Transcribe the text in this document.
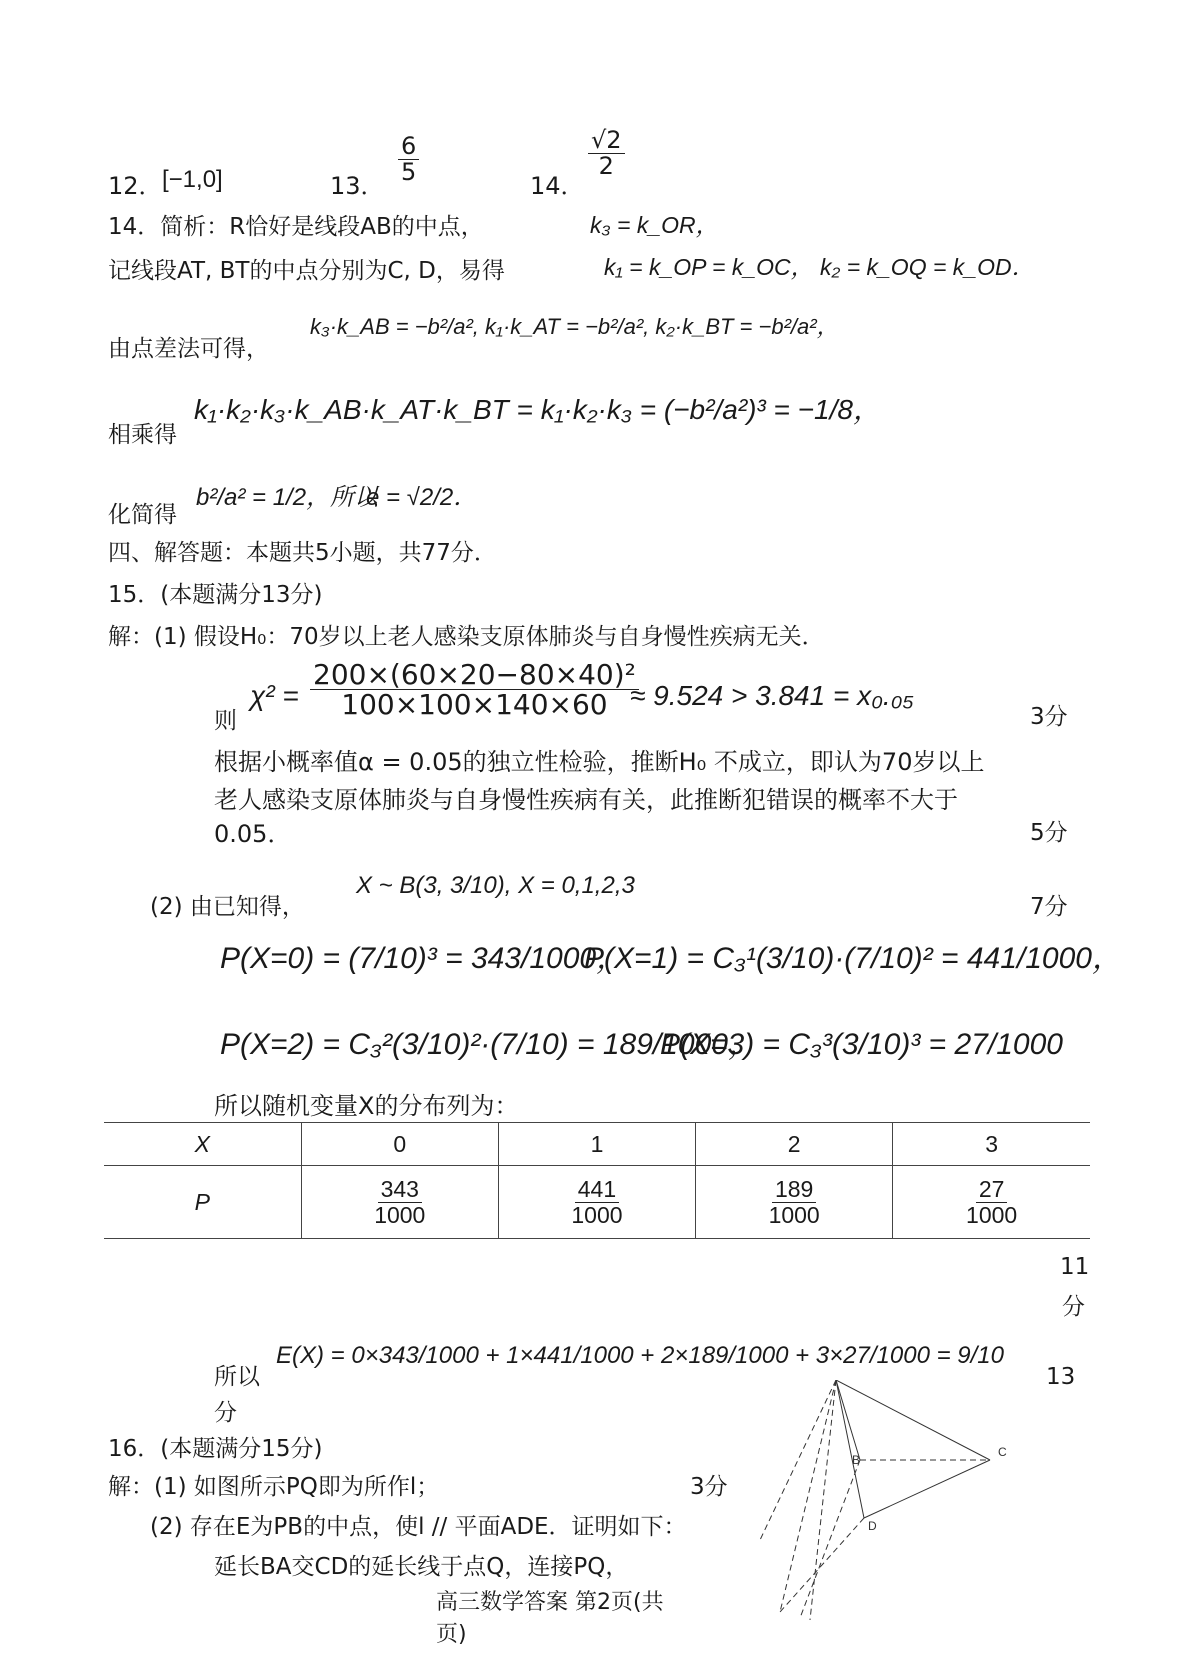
12． [−1,0]	13．
$\frac{6}{5}$
14．
$\frac{√2}{2}$
14．简析：R恰好是线段AB的中点，	k₃ = k_OR，
记线段AT, BT的中点分别为C, D，易得	k₁ = k_OP = k_OC， k₂ = k_OQ = k_OD．
由点差法可得，
k₃·k_AB = −b²/a², k₁·k_AT = −b²/a², k₂·k_BT = −b²/a²，
相乘得
k₁·k₂·k₃·k_AB·k_AT·k_BT = k₁·k₂·k₃ = (−b²/a²)³ = −1/8，
化简得
b²/a² = 1/2，所以
e = √2/2．
四、解答题：本题共5小题，共77分．
15．(本题满分13分)
解：(1) 假设H₀：70岁以上老人感染支原体肺炎与自身慢性疾病无关．
则
$\chi^2 = \frac{\text{200×(60×20−80×40)²}}{100\times 100\times 140\times 60}$
≈ 9.524 > 3.841 = x₀.₀₅
3分
根据小概率值α = 0.05的独立性检验，推断H₀ 不成立，即认为70岁以上
老人感染支原体肺炎与自身慢性疾病有关，此推断犯错误的概率不大于
0.05．	5分
(2) 由已知得，
X ~ B(3, 3/10), X = 0,1,2,3
7分
P(X=0) = (7/10)³ = 343/1000，
P(X=1) = C₃¹(3/10)·(7/10)² = 441/1000，
P(X=2) = C₃²(3/10)²·(7/10) = 189/1000，
P(X=3) = C₃³(3/10)³ = 27/1000
所以随机变量X的分布列为：
X	0	1	2	3
P	$\frac{343}{1000}$	$\frac{441}{1000}$	$\frac{189}{1000}$	$\frac{27}{1000}$
11
分
所以
E(X) = 0×343/1000 + 1×441/1000 + 2×189/1000 + 3×27/1000 = 9/10
13
分
16．(本题满分15分)
解：(1) 如图所示PQ即为所作l；	3分
(2) 存在E为PB的中点，使l // 平面ADE．证明如下：
延长BA交CD的延长线于点Q，连接PQ，
B
C
D
高三数学答案 第2页(共
页)
